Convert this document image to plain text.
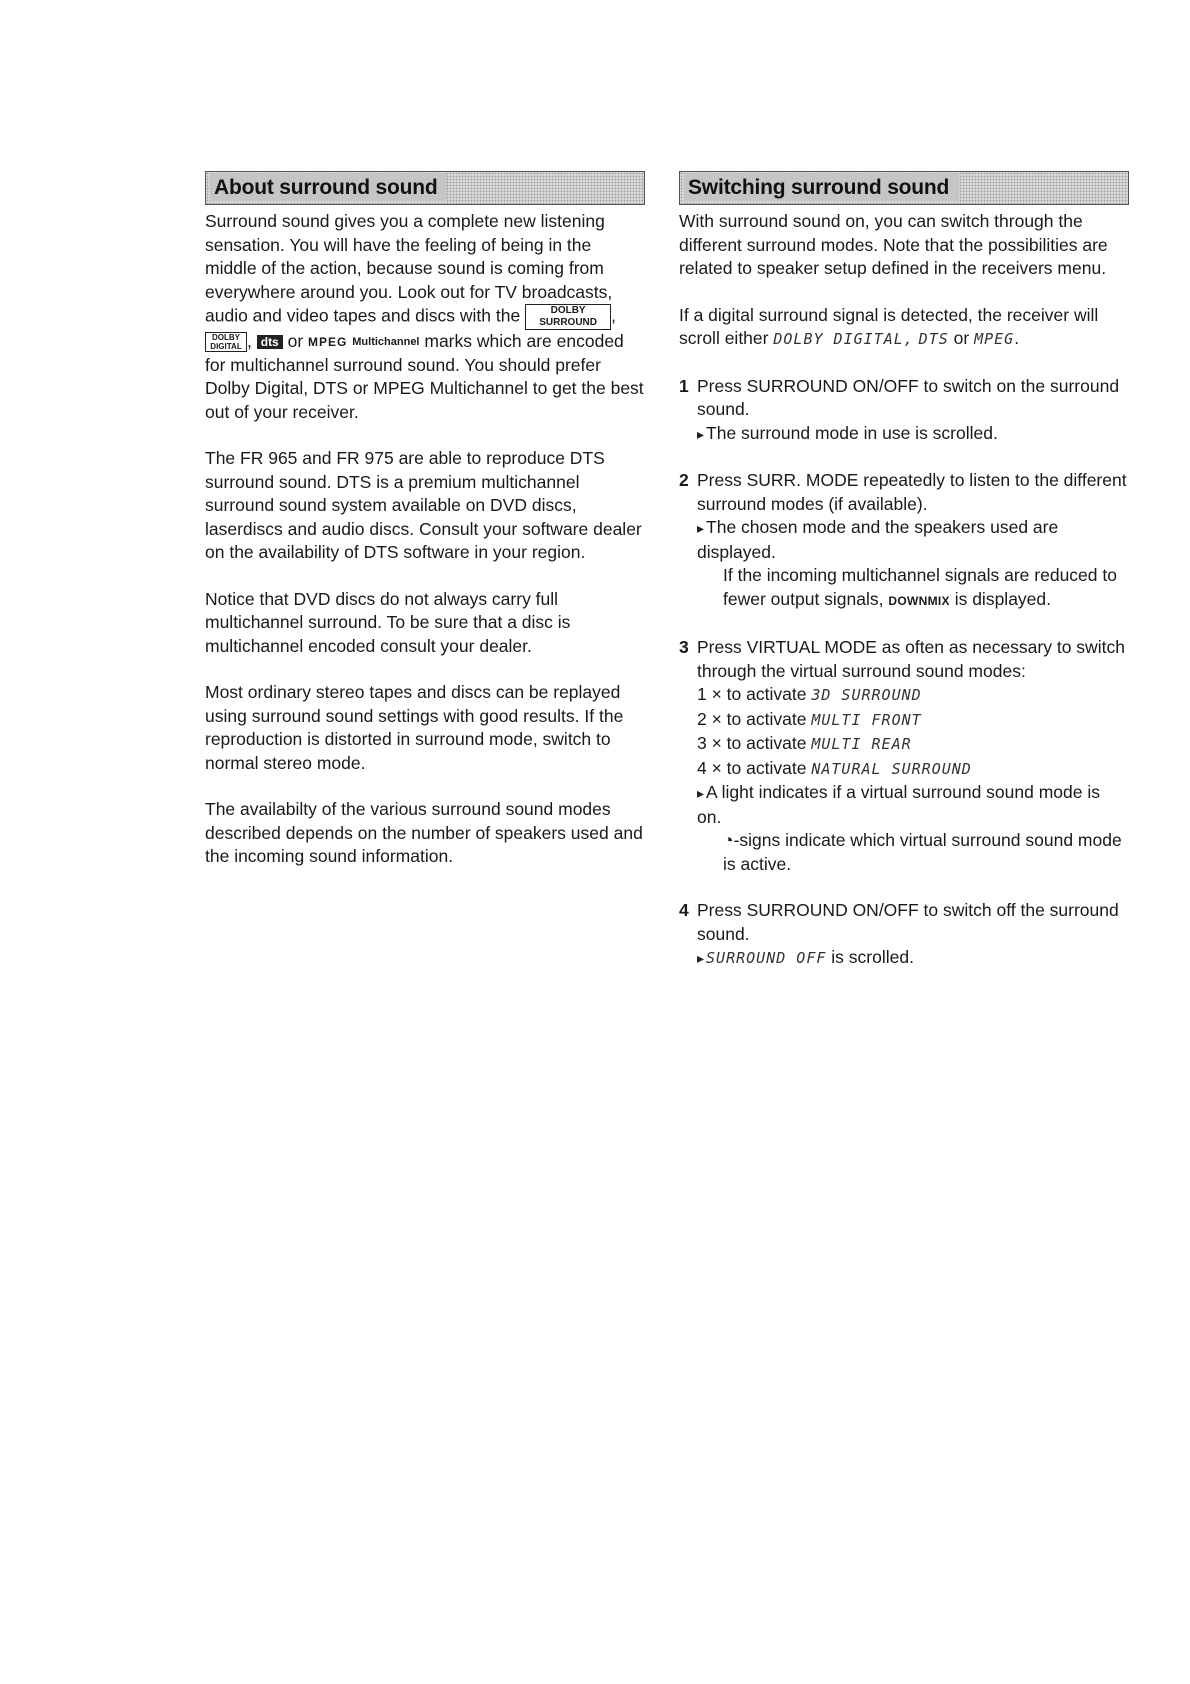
About surround sound

Surround sound gives you a complete new listening sensation. You will have the feeling of being in the middle of the action, because sound is coming from everywhere around you. Look out for TV broadcasts, audio and video tapes and discs with the	DOLBY SURROUND , DOLBY DIGITAL , dts or MPEG Multichannel marks which are encoded for multichannel surround sound. You should prefer Dolby Digital, DTS or MPEG Multichannel to get the best out of your receiver.

The FR 965 and FR 975 are able to reproduce DTS surround sound. DTS is a premium multichannel surround sound system available on DVD discs, laserdiscs and audio discs. Consult your software dealer on the availability of DTS software in your region.

Notice that DVD discs do not always carry full multichannel surround. To be sure that a disc is multichannel encoded consult your dealer.

Most ordinary stereo tapes and discs can be replayed using surround sound settings with good results. If the reproduction is distorted in surround mode, switch to normal stereo mode.

The availabilty of the various surround sound modes described depends on the number of speakers used and the incoming sound information.

Switching surround sound

With surround sound on, you can switch through the different surround modes. Note that the possibilities are related to speaker setup defined in the receivers menu.

If a digital surround signal is detected, the receiver will scroll either DOLBY DIGITAL, DTS or MPEG.

1 Press SURROUND ON/OFF to switch on the surround sound.
▸ The surround mode in use is scrolled.
2 Press SURR. MODE repeatedly to listen to the different surround modes (if available).
▸ The chosen mode and the speakers used are displayed.
If the incoming multichannel signals are reduced to fewer output signals, DOWNMIX is displayed.
3 Press VIRTUAL MODE as often as necessary to switch through the virtual surround sound modes:
1 × to activate 3D SURROUND
2 × to activate MULTI FRONT
3 × to activate MULTI REAR
4 × to activate NATURAL SURROUND
▸ A light indicates if a virtual surround sound mode is on.
◔-signs indicate which virtual surround sound mode is active.
4 Press SURROUND ON/OFF to switch off the surround sound.
▸ SURROUND OFF is scrolled.
